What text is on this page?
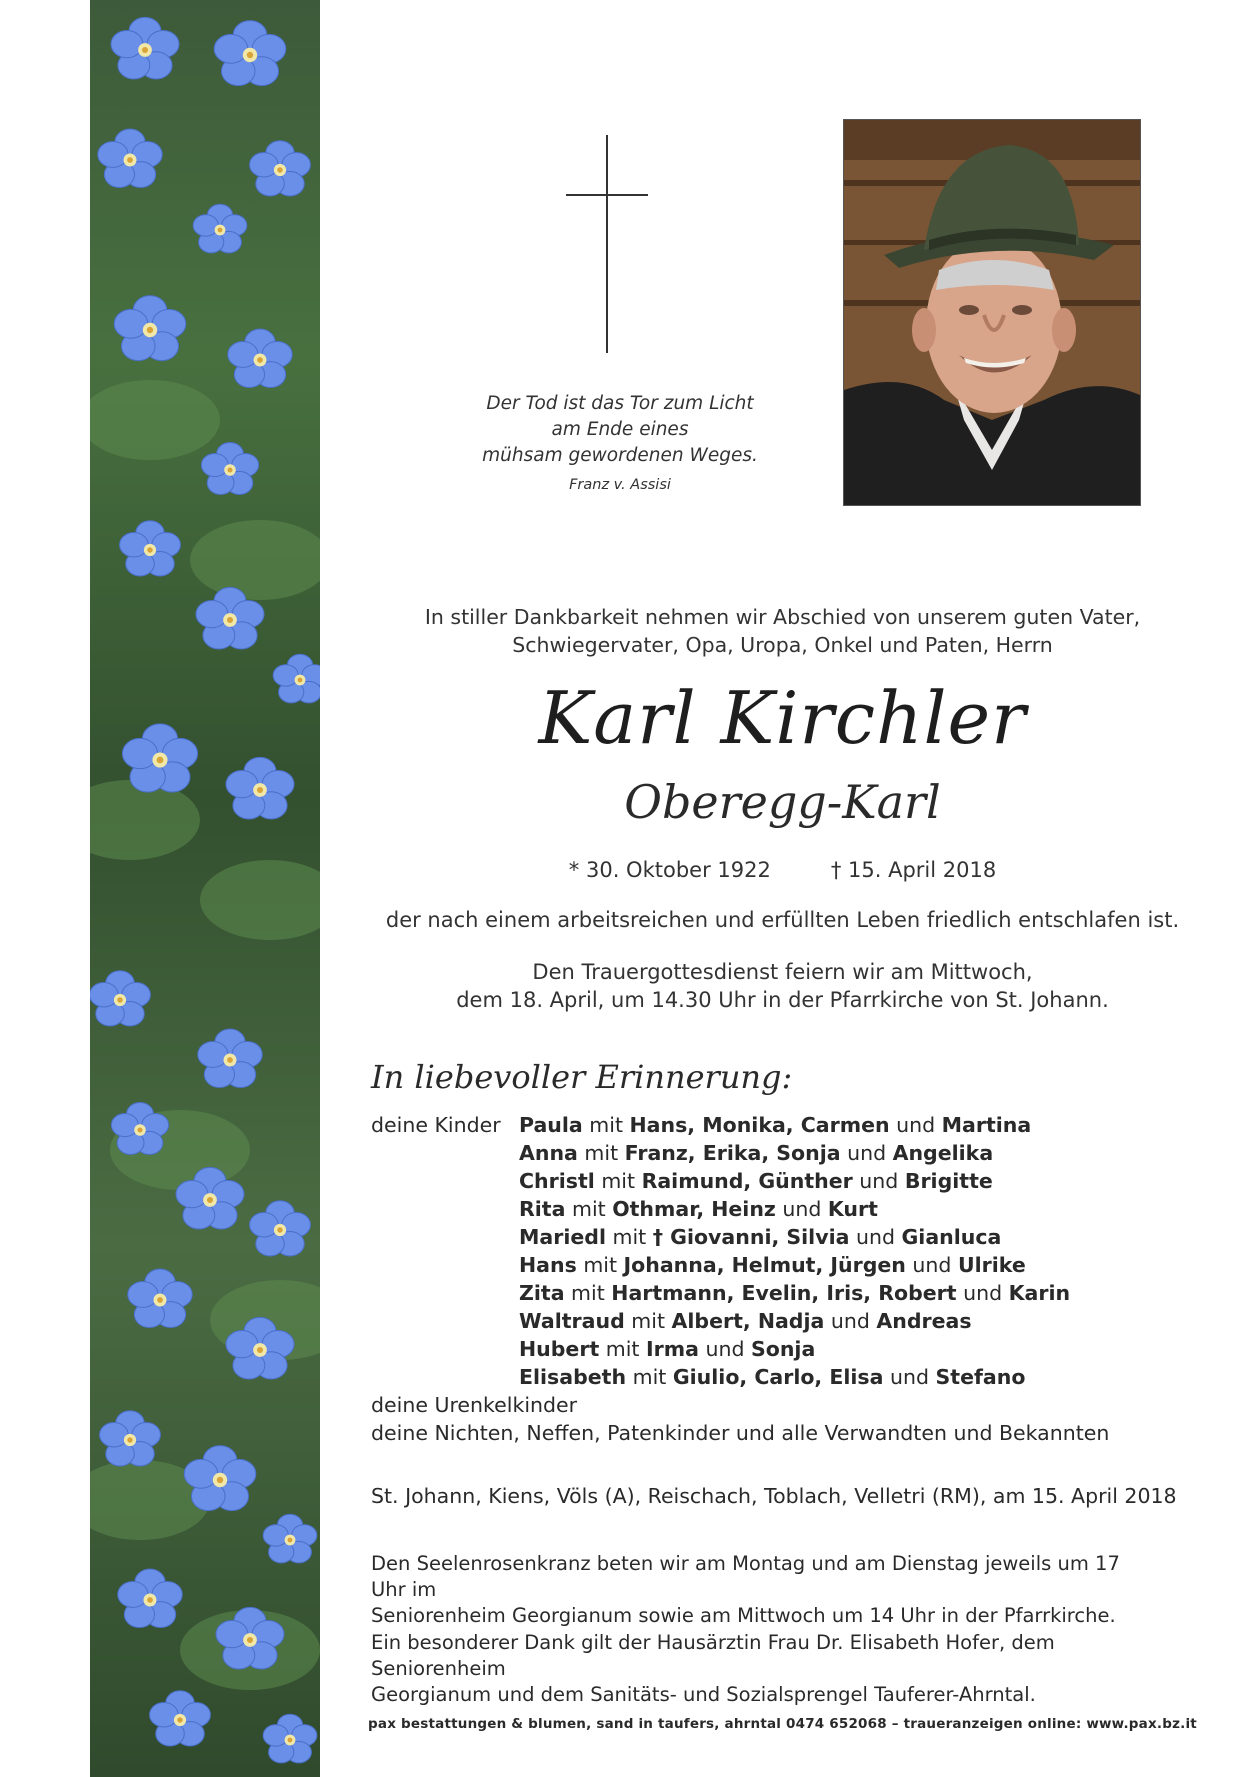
Der Tod ist das Tor zum Licht
am Ende eines
mühsam gewordenen Weges.
Franz v. Assisi
In stiller Dankbarkeit nehmen wir Abschied von unserem guten Vater,
Schwiegervater, Opa, Uropa, Onkel und Paten, Herrn
Karl Kirchler
Oberegg-Karl
* 30. Oktober 1922	† 15. April 2018
der nach einem arbeitsreichen und erfüllten Leben friedlich entschlafen ist.
Den Trauergottesdienst feiern wir am Mittwoch,
dem 18. April, um 14.30 Uhr in der Pfarrkirche von St. Johann.
In liebevoller Erinnerung:
deine Kinder Paula mit Hans, Monika, Carmen und Martina
Anna mit Franz, Erika, Sonja und Angelika
Christl mit Raimund, Günther und Brigitte
Rita mit Othmar, Heinz und Kurt
Mariedl mit † Giovanni, Silvia und Gianluca
Hans mit Johanna, Helmut, Jürgen und Ulrike
Zita mit Hartmann, Evelin, Iris, Robert und Karin
Waltraud mit Albert, Nadja und Andreas
Hubert mit Irma und Sonja
Elisabeth mit Giulio, Carlo, Elisa und Stefano
deine Urenkelkinder
deine Nichten, Neffen, Patenkinder und alle Verwandten und Bekannten
St. Johann, Kiens, Völs (A), Reischach, Toblach, Velletri (RM), am 15. April 2018
Den Seelenrosenkranz beten wir am Montag und am Dienstag jeweils um 17 Uhr im
Seniorenheim Georgianum sowie am Mittwoch um 14 Uhr in der Pfarrkirche.
Ein besonderer Dank gilt der Hausärztin Frau Dr. Elisabeth Hofer, dem Seniorenheim
Georgianum und dem Sanitäts- und Sozialsprengel Tauferer-Ahrntal.
pax bestattungen & blumen, sand in taufers, ahrntal 0474 652068 – traueranzeigen online: www.pax.bz.it
